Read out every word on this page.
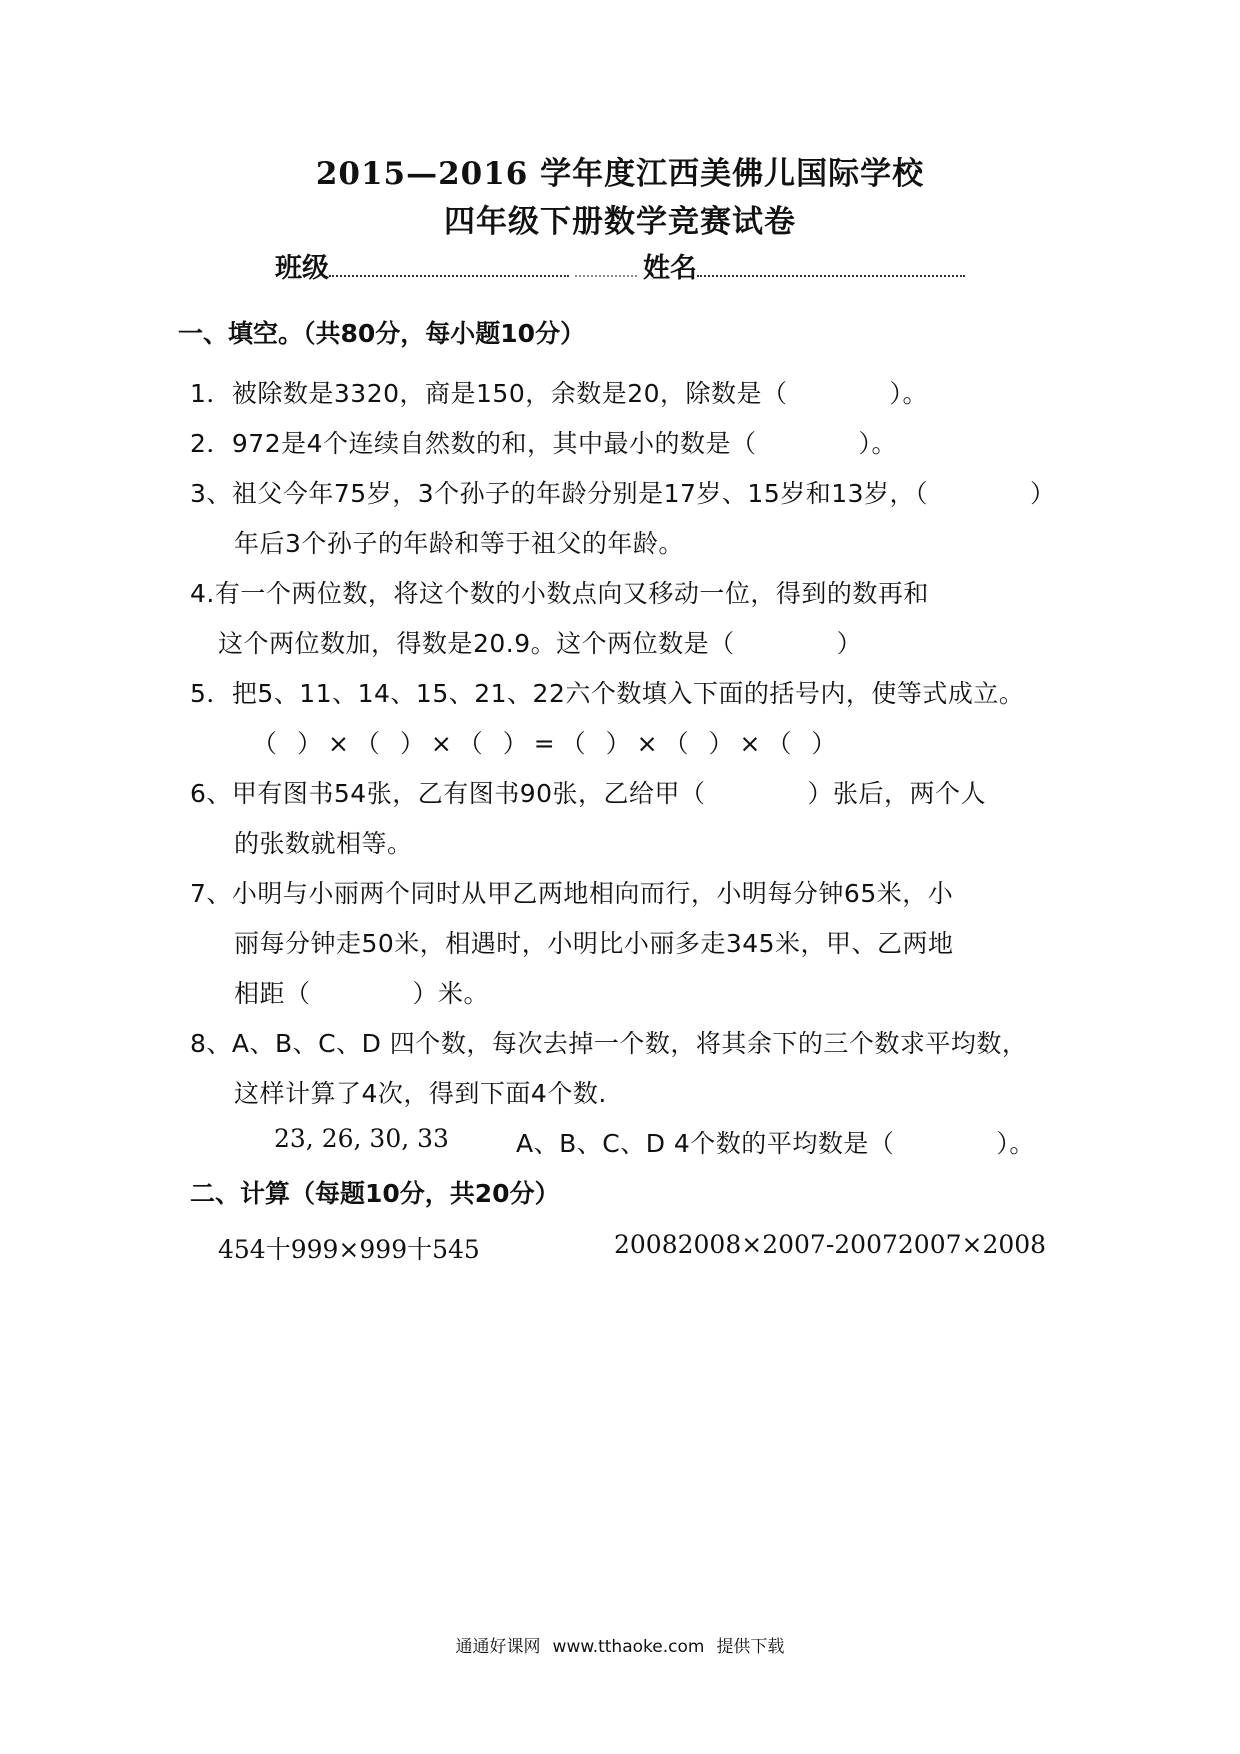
2015—2016 学年度江西美佛儿国际学校
四年级下册数学竞赛试卷
班级	姓名
一、填空。（共80分，每小题10分）
1．被除数是3320，商是150，余数是20，除数是（　　　　）。
2．972是4个连续自然数的和，其中最小的数是（　　　　）。
3、祖父今年75岁，3个孙子的年龄分别是17岁、15岁和13岁，（　　　　）
年后3个孙子的年龄和等于祖父的年龄。
4.有一个两位数，将这个数的小数点向又移动一位，得到的数再和
这个两位数加，得数是20.9。这个两位数是（　　　　）
5．把5、11、14、15、21、22六个数填入下面的括号内，使等式成立。
（ ）×（ ）×（ ）=（ ）×（ ）×（ ）
6、甲有图书54张，乙有图书90张，乙给甲（　　　　）张后，两个人
的张数就相等。
7、小明与小丽两个同时从甲乙两地相向而行，小明每分钟65米，小
丽每分钟走50米，相遇时，小明比小丽多走345米，甲、乙两地
相距（　　　　）米。
8、A、B、C、D 四个数，每次去掉一个数，将其余下的三个数求平均数，
这样计算了4次，得到下面4个数.
23, 26, 30, 33	A、B、C、D 4个数的平均数是（　　　　）。
二、计算（每题10分，共20分）
454十999×999十545	20082008×2007-20072007×2008
通通好课网 www.tthaoke.com 提供下载
